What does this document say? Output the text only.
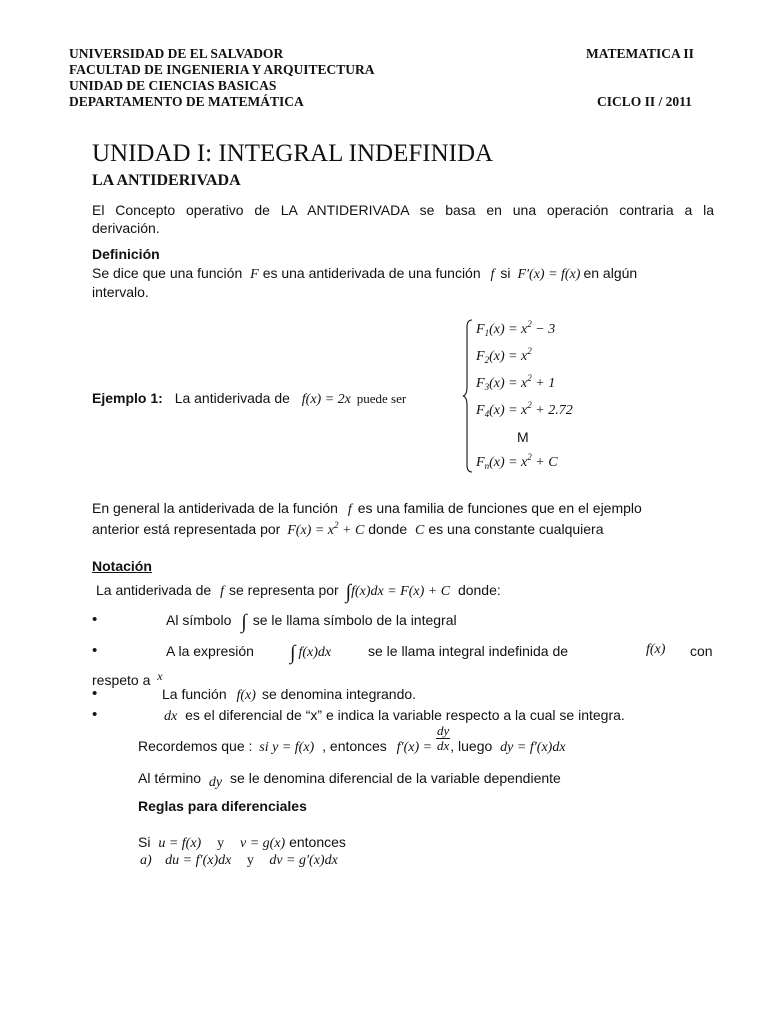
UNIVERSIDAD DE EL SALVADOR
FACULTAD DE INGENIERIA Y ARQUITECTURA
UNIDAD DE CIENCIAS BASICAS
DEPARTAMENTO DE MATEMÁTICA
MATEMATICA II
CICLO II / 2011
UNIDAD I: INTEGRAL INDEFINIDA
LA ANTIDERIVADA
El Concepto operativo de LA ANTIDERIVADA se basa en una operación contraria a la
derivación.
Definición
Se dice que una función F es una antiderivada de una función f si F′(x) = f(x) en algún
intervalo.
Ejemplo 1: La antiderivada de f(x) = 2x puede ser
$F_1(x) = x^2 - 3$
$F_2(x) = x^2$
$F_3(x) = x^2 + 1$
$F_4(x) = x^2 + 2.72$
M
$F_n(x) = x^2 + C$
En general la antiderivada de la función f es una familia de funciones que en el ejemplo
anterior está representada por $F(x) = x^2 + C$ donde C es una constante cualquiera
Notación
La antiderivada de f se representa por ∫f(x)dx = F(x) + C donde:
•	Al símbolo ∫ se le llama símbolo de la integral
•	A la expresión ∫ f(x)dx	se le llama integral indefinida de	f(x) con
respeto a x
•	La función f(x) se denomina integrando.
•	dx es el diferencial de “x” e indica la variable respecto a la cual se integra.
Recordemos que : si y = f(x) , entonces $f'(x) = \frac{dy}{dx}$ , luego dy = f′(x)dx
Al término dy se le denomina diferencial de la variable dependiente
Reglas para diferenciales
Si u = f(x) y v = g(x) entonces
a) du = f′(x)dx y dv = g′(x)dx
